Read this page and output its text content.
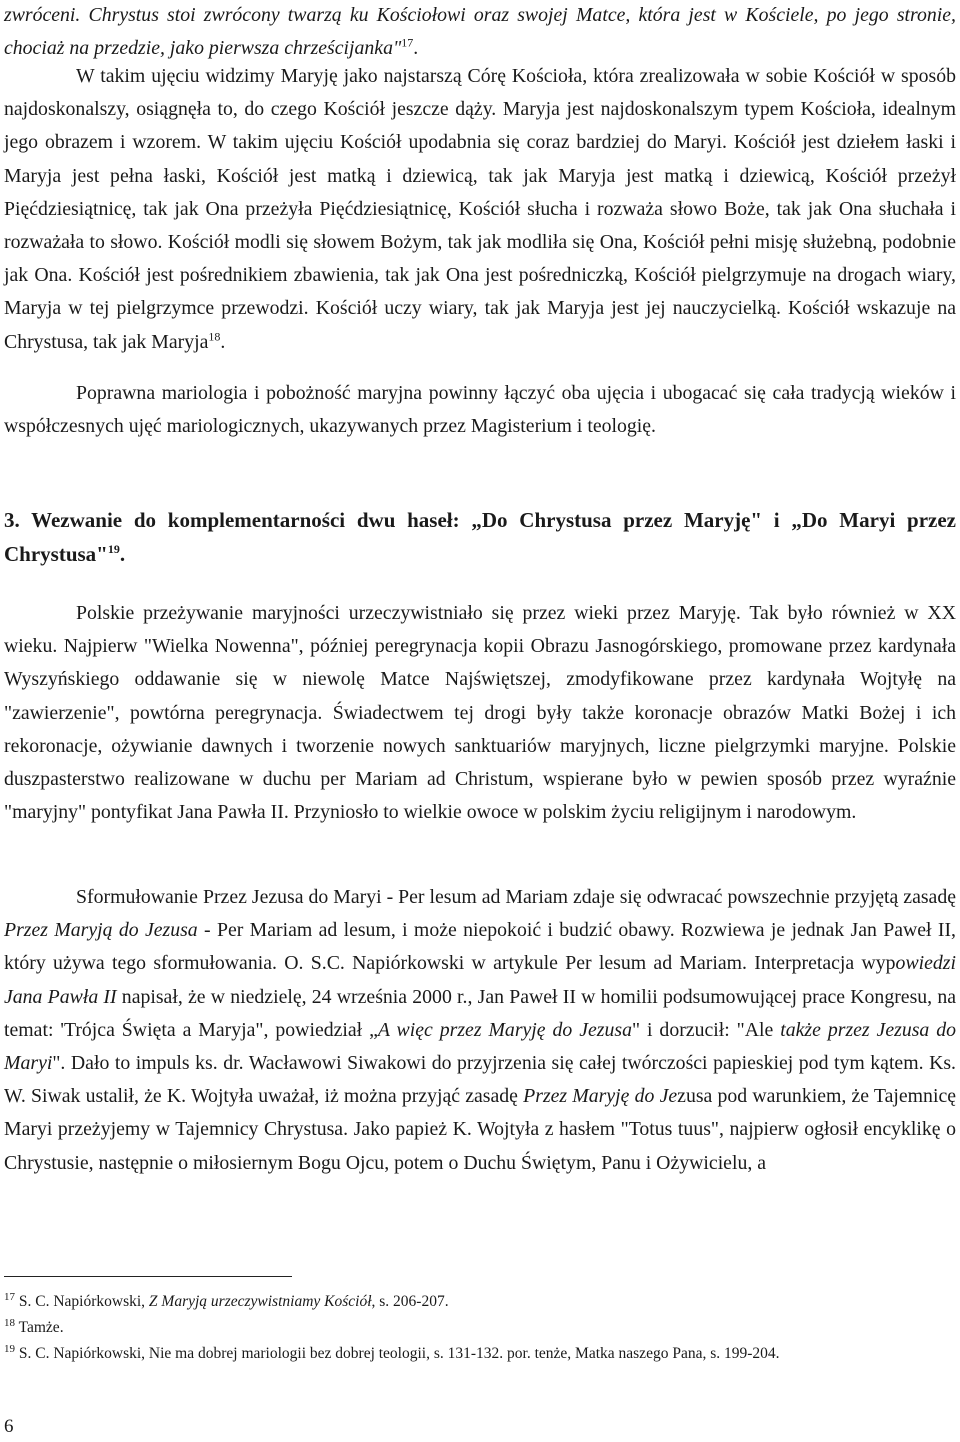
zwróceni. Chrystus stoi zwrócony twarzą ku Kościołowi oraz swojej Matce, która jest w Kościele, po jego stronie, chociaż na przedzie, jako pierwsza chrześcijanka"$^{17}$.
W takim ujęciu widzimy Maryję jako najstarszą Córę Kościoła, która zrealizowała w sobie Kościół w sposób najdoskonalszy, osiągnęła to, do czego Kościół jeszcze dąży. Maryja jest najdoskonalszym typem Kościoła, idealnym jego obrazem i wzorem. W takim ujęciu Kościół upodabnia się coraz bardziej do Maryi. Kościół jest dziełem łaski i Maryja jest pełna łaski, Kościół jest matką i dziewicą, tak jak Maryja jest matką i dziewicą, Kościół przeżył Pięćdziesiątnicę, tak jak Ona przeżyła Pięćdziesiątnicę, Kościół słucha i rozważa słowo Boże, tak jak Ona słuchała i rozważała to słowo. Kościół modli się słowem Bożym, tak jak modliła się Ona, Kościół pełni misję służebną, podobnie jak Ona. Kościół jest pośrednikiem zbawienia, tak jak Ona jest pośredniczką, Kościół pielgrzymuje na drogach wiary, Maryja w tej pielgrzymce przewodzi. Kościół uczy wiary, tak jak Maryja jest jej nauczycielką. Kościół wskazuje na Chrystusa, tak jak Maryja$^{18}$.
Poprawna mariologia i pobożność maryjna powinny łączyć oba ujęcia i ubogacać się cała tradycją wieków i współczesnych ujęć mariologicznych, ukazywanych przez Magisterium i teologię.
3. Wezwanie do komplementarności dwu haseł: „Do Chrystusa przez Maryję" i „Do Maryi przez Chrystusa"$^{19}$.
Polskie przeżywanie maryjności urzeczywistniało się przez wieki przez Maryję. Tak było również w XX wieku. Najpierw "Wielka Nowenna", później peregrynacja kopii Obrazu Jasnogórskiego, promowane przez kardynała Wyszyńskiego oddawanie się w niewolę Matce Najświętszej, zmodyfikowane przez kardynała Wojtyłę na "zawierzenie", powtórna peregrynacja. Świadectwem tej drogi były także koronacje obrazów Matki Bożej i ich rekoronacje, ożywianie dawnych i tworzenie nowych sanktuariów maryjnych, liczne pielgrzymki maryjne. Polskie duszpasterstwo realizowane w duchu per Mariam ad Christum, wspierane było w pewien sposób przez wyraźnie "maryjny" pontyfikat Jana Pawła II. Przyniosło to wielkie owoce w polskim życiu religijnym i narodowym.
Sformułowanie Przez Jezusa do Maryi - Per lesum ad Mariam zdaje się odwracać powszechnie przyjętą zasadę Przez Maryją do Jezusa - Per Mariam ad lesum, i może niepokoić i budzić obawy. Rozwiewa je jednak Jan Paweł II, który używa tego sformułowania. O. S.C. Napiórkowski w artykule Per lesum ad Mariam. Interpretacja wypowiedzi Jana Pawła II napisał, że w niedzielę, 24 września 2000 r., Jan Paweł II w homilii podsumowującej prace Kongresu, na temat: 'Trójca Święta a Maryja", powiedział „A więc przez Maryję do Jezusa" i dorzucił: "Ale także przez Jezusa do Maryi". Dało to impuls ks. dr. Wacławowi Siwakowi do przyjrzenia się całej twórczości papieskiej pod tym kątem. Ks. W. Siwak ustalił, że K. Wojtyła uważał, iż można przyjąć zasadę Przez Maryję do Jezusa pod warunkiem, że Tajemnicę Maryi przeżyjemy w Tajemnicy Chrystusa. Jako papież K. Wojtyła z hasłem "Totus tuus", najpierw ogłosił encyklikę o Chrystusie, następnie o miłosiernym Bogu Ojcu, potem o Duchu Świętym, Panu i Ożywicielu, a
$^{17}$ S. C. Napiórkowski, Z Maryją urzeczywistniamy Kościół, s. 206-207.
$^{18}$ Tamże.
$^{19}$ S. C. Napiórkowski, Nie ma dobrej mariologii bez dobrej teologii, s. 131-132. por. tenże, Matka naszego Pana, s. 199-204.
6
